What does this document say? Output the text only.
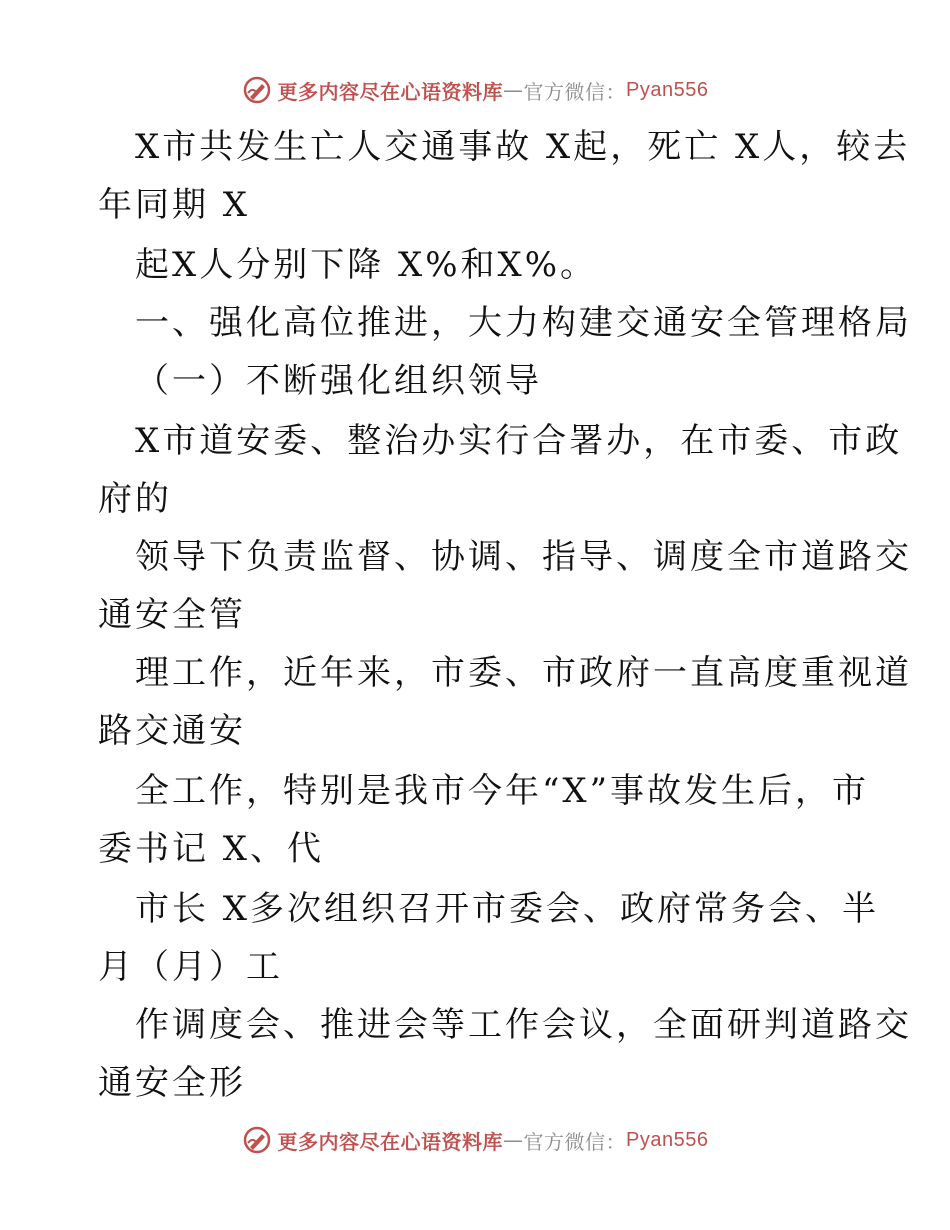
更多内容尽在心语资料库 — 官方微信： Pyan556
X市共发生亡人交通事故 X起，死亡 X人，较去
年同期 X
起X人分别下降 X%和X%。
一、强化高位推进，大力构建交通安全管理格局
（一）不断强化组织领导
X市道安委、整治办实行合署办，在市委、市政
府的
领导下负责监督、协调、指导、调度全市道路交
通安全管
理工作，近年来，市委、市政府一直高度重视道
路交通安
全工作，特别是我市今年“X”事故发生后，市
委书记 X、代
市长 X多次组织召开市委会、政府常务会、半
月（月）工
作调度会、推进会等工作会议，全面研判道路交
通安全形
更多内容尽在心语资料库 — 官方微信： Pyan556
